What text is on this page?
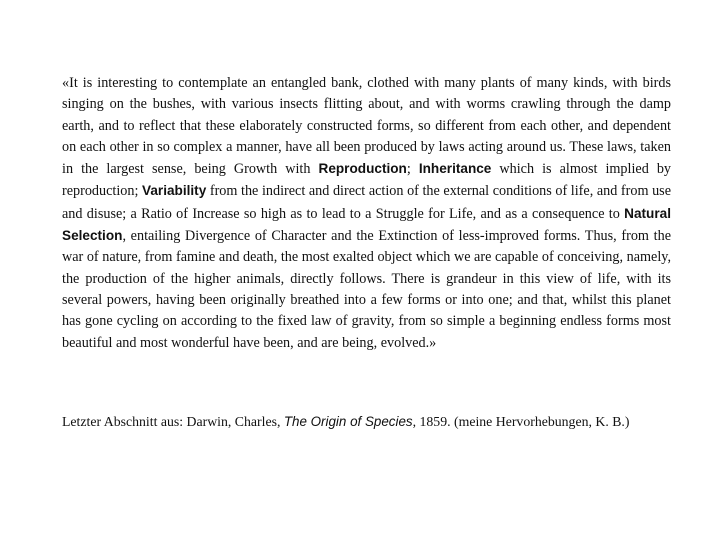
«It is interesting to contemplate an entangled bank, clothed with many plants of many kinds, with birds singing on the bushes, with various insects flitting about, and with worms crawling through the damp earth, and to reflect that these elaborately constructed forms, so different from each other, and dependent on each other in so complex a manner, have all been produced by laws acting around us. These laws, taken in the largest sense, being Growth with Reproduction; Inheritance which is almost implied by reproduction; Variability from the indirect and direct action of the external conditions of life, and from use and disuse; a Ratio of Increase so high as to lead to a Struggle for Life, and as a consequence to Natural Selection, entailing Divergence of Character and the Extinction of less-improved forms. Thus, from the war of nature, from famine and death, the most exalted object which we are capable of conceiving, namely, the production of the higher animals, directly follows. There is grandeur in this view of life, with its several powers, having been originally breathed into a few forms or into one; and that, whilst this planet has gone cycling on according to the fixed law of gravity, from so simple a beginning endless forms most beautiful and most wonderful have been, and are being, evolved.»

Letzter Abschnitt aus: Darwin, Charles, The Origin of Species, 1859. (meine Hervorhebungen, K. B.)
